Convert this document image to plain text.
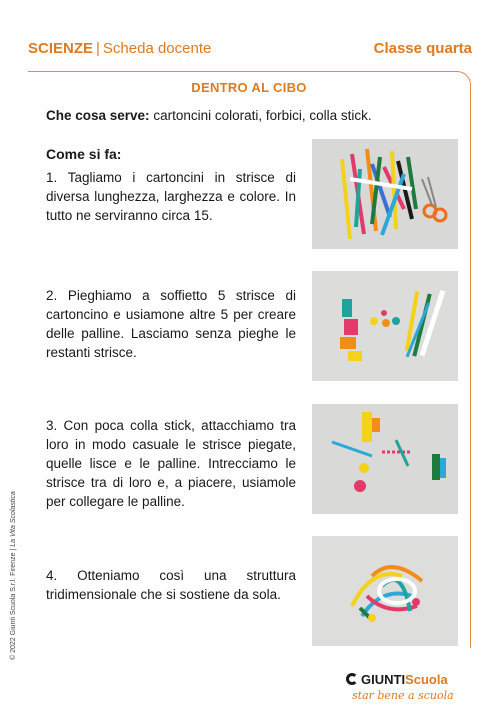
SCIENZE | Scheda docente	Classe quarta
DENTRO AL CIBO
Che cosa serve: cartoncini colorati, forbici, colla stick.
Come si fa:
1. Tagliamo i cartoncini in strisce di diversa lunghezza, larghezza e colore. In tutto ne serviranno circa 15.
2. Pieghiamo a soffietto 5 strisce di cartoncino e usiamone altre 5 per creare delle palline. Lasciamo senza pieghe le restanti strisce.
3. Con poca colla stick, attacchiamo tra loro in modo casuale le strisce piegate, quelle lisce e le palline. Intrecciamo le strisce tra di loro e, a piacere, usiamole per collegare le palline.
4. Otteniamo così una struttura tridimensionale che si sostiene da sola.
© 2022 Giunti Scuola S.r.l. Firenze | La Vita Scolastica
GIUNTIScuola
star bene a scuola
